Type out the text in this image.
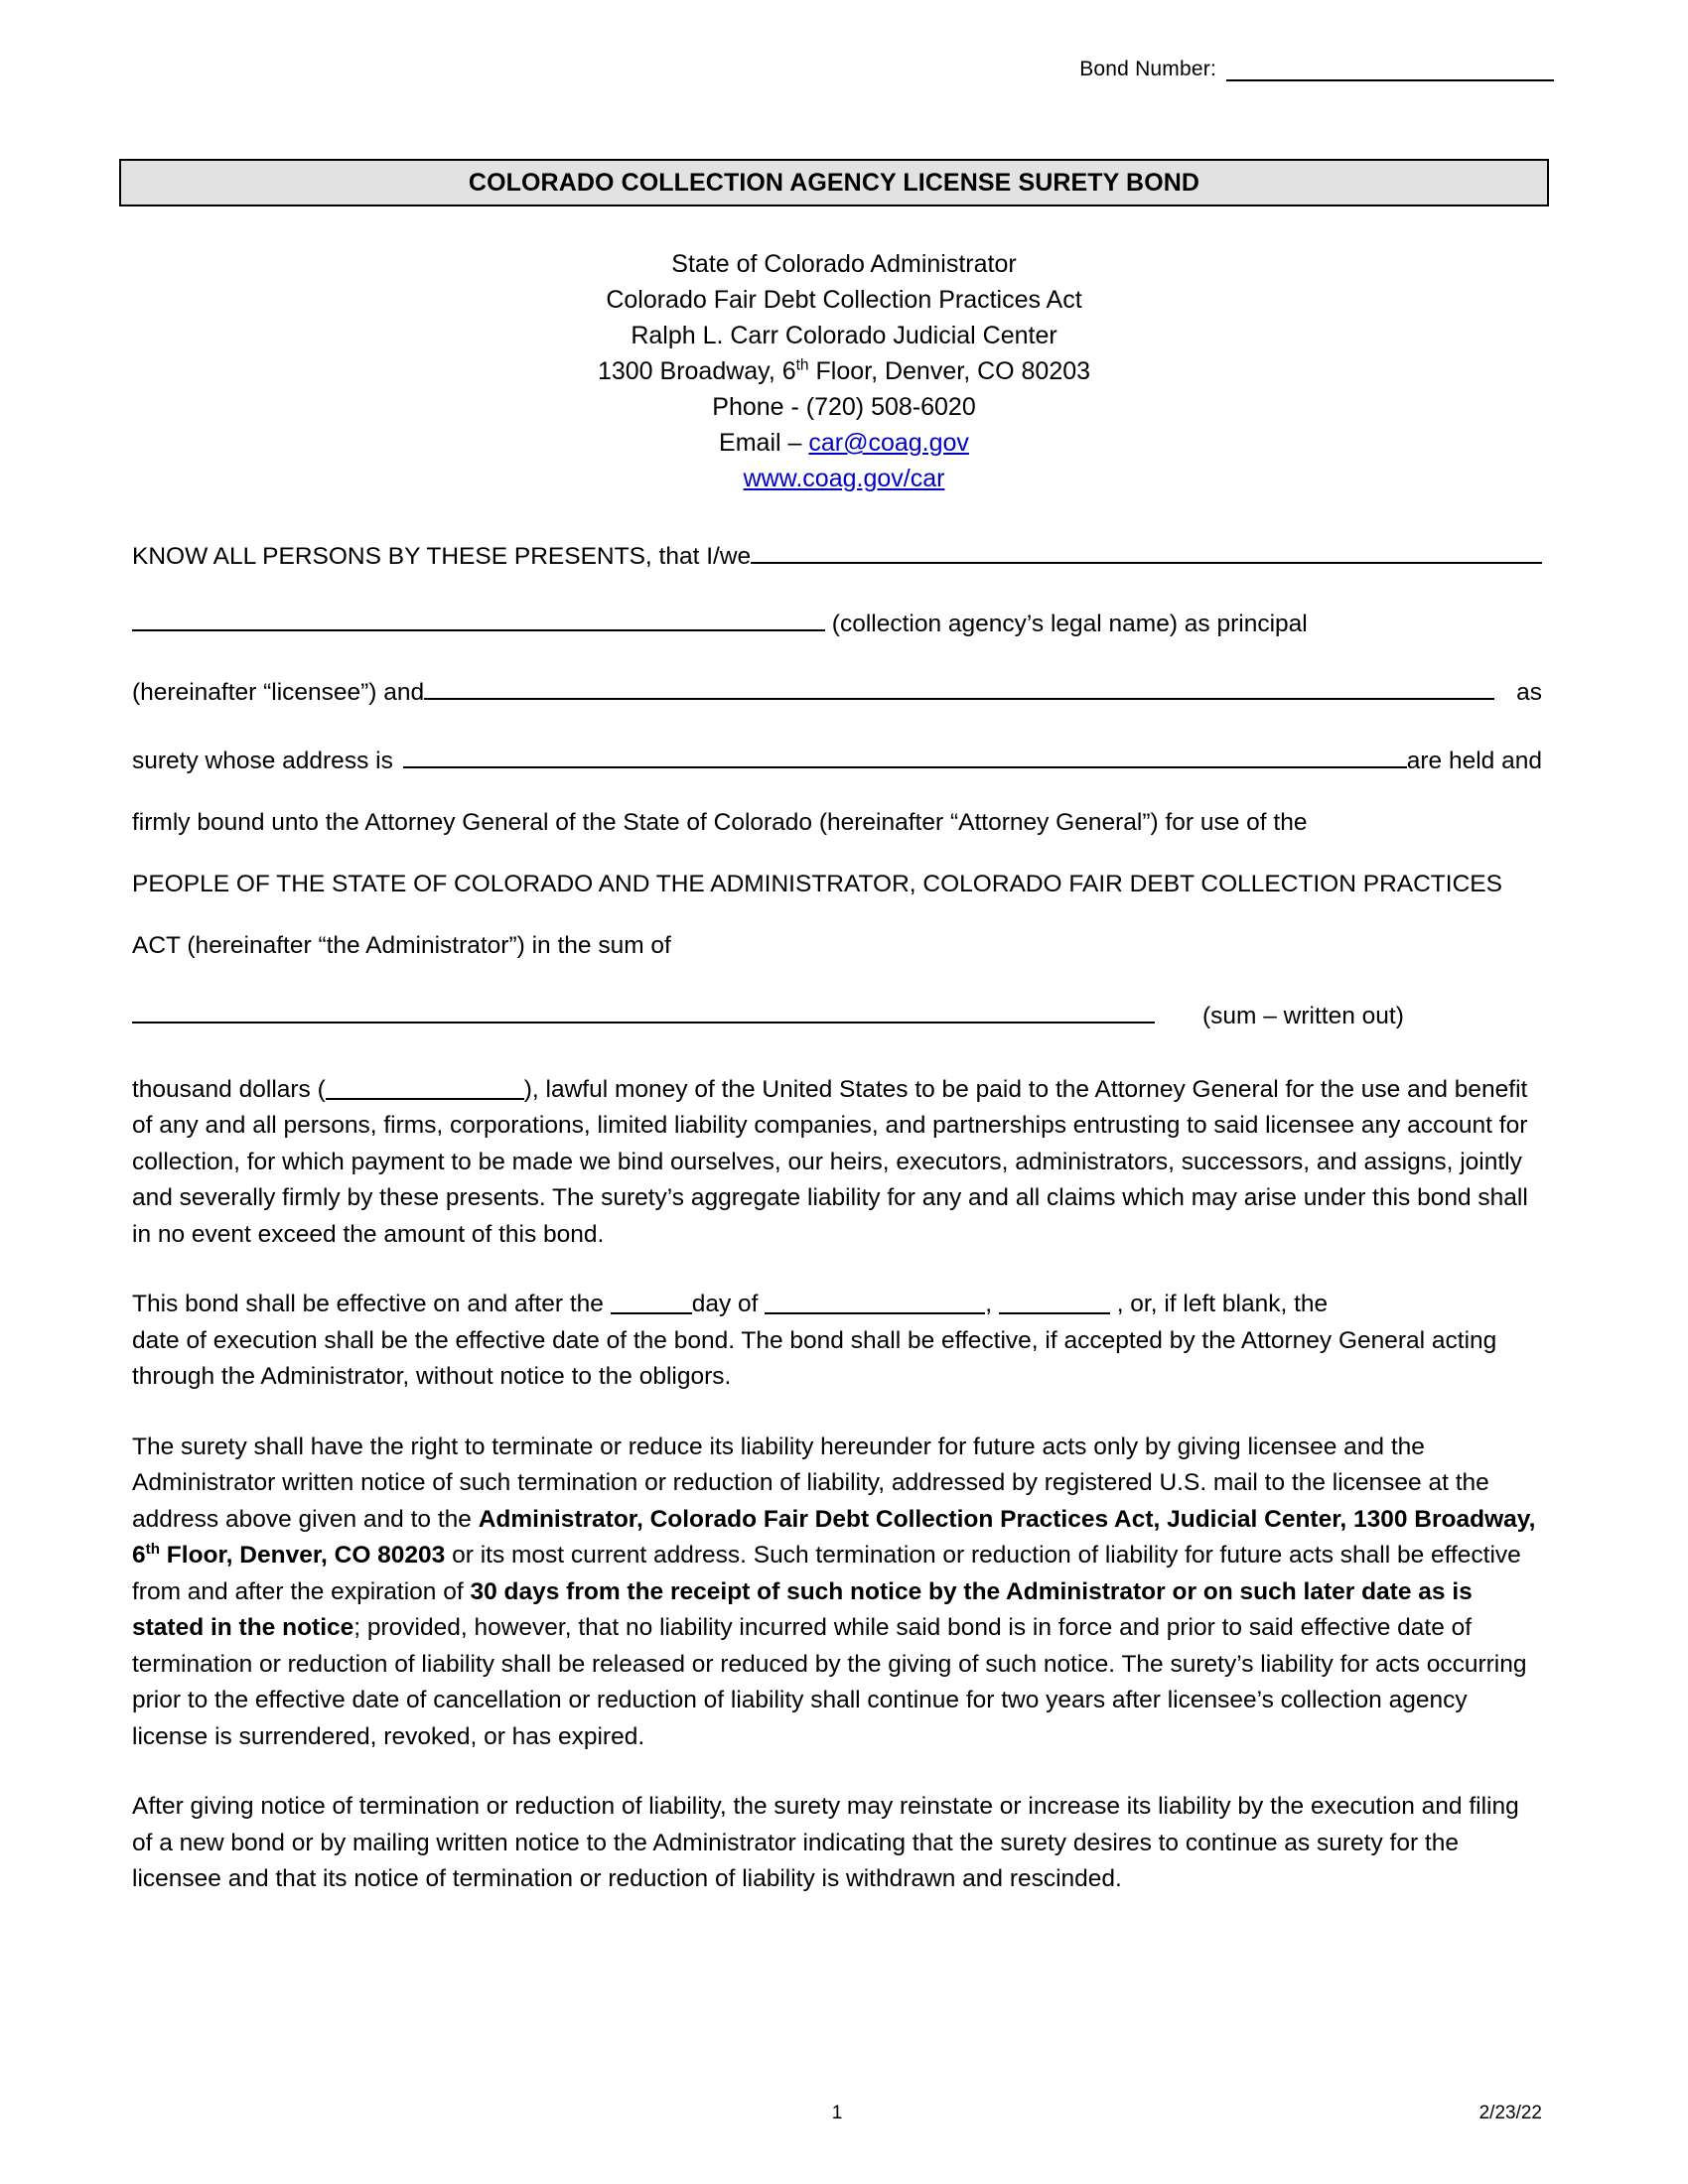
Bond Number:
COLORADO COLLECTION AGENCY LICENSE SURETY BOND
State of Colorado Administrator
Colorado Fair Debt Collection Practices Act
Ralph L. Carr Colorado Judicial Center
1300 Broadway, 6th Floor, Denver, CO 80203
Phone - (720) 508-6020
Email – car@coag.gov
www.coag.gov/car
KNOW ALL PERSONS BY THESE PRESENTS, that I/we
(collection agency’s legal name) as principal
(hereinafter “licensee”) and	as
surety whose address is	are held and
firmly bound unto the Attorney General of the State of Colorado (hereinafter “Attorney General”) for use of the
PEOPLE OF THE STATE OF COLORADO AND THE ADMINISTRATOR, COLORADO FAIR DEBT COLLECTION PRACTICES
ACT (hereinafter “the Administrator”) in the sum of
(sum – written out)

thousand dollars (	), lawful money of the United States to be paid to the Attorney General for the use and benefit of any and all persons, firms, corporations, limited liability companies, and partnerships entrusting to said licensee any account for collection, for which payment to be made we bind ourselves, our heirs, executors, administrators, successors, and assigns, jointly and severally firmly by these presents. The surety’s aggregate liability for any and all claims which may arise under this bond shall in no event exceed the amount of this bond.

This bond shall be effective on and after the	day of	,	, or, if left blank, the
date of execution shall be the effective date of the bond. The bond shall be effective, if accepted by the Attorney General acting through the Administrator, without notice to the obligors.

The surety shall have the right to terminate or reduce its liability hereunder for future acts only by giving licensee and the Administrator written notice of such termination or reduction of liability, addressed by registered U.S. mail to the licensee at the address above given and to the Administrator, Colorado Fair Debt Collection Practices Act, Judicial Center, 1300 Broadway, 6th Floor, Denver, CO 80203 or its most current address. Such termination or reduction of liability for future acts shall be effective from and after the expiration of 30 days from the receipt of such notice by the Administrator or on such later date as is stated in the notice; provided, however, that no liability incurred while said bond is in force and prior to said effective date of termination or reduction of liability shall be released or reduced by the giving of such notice. The surety’s liability for acts occurring prior to the effective date of cancellation or reduction of liability shall continue for two years after licensee’s collection agency license is surrendered, revoked, or has expired.

After giving notice of termination or reduction of liability, the surety may reinstate or increase its liability by the execution and filing of a new bond or by mailing written notice to the Administrator indicating that the surety desires to continue as surety for the licensee and that its notice of termination or reduction of liability is withdrawn and rescinded.

1	2/23/22
